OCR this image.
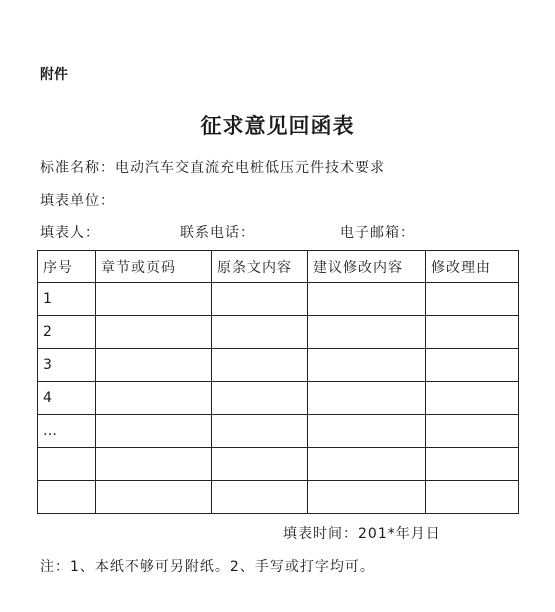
附件
征求意见回函表
标准名称：电动汽车交直流充电桩低压元件技术要求
填表单位：
填表人：	联系电话：	电子邮箱：
序号	章节或页码	原条文内容	建议修改内容	修改理由
1				
2				
3				
4				
…				

填表时间：201*年月日
注：1、本纸不够可另附纸。2、手写或打字均可。
